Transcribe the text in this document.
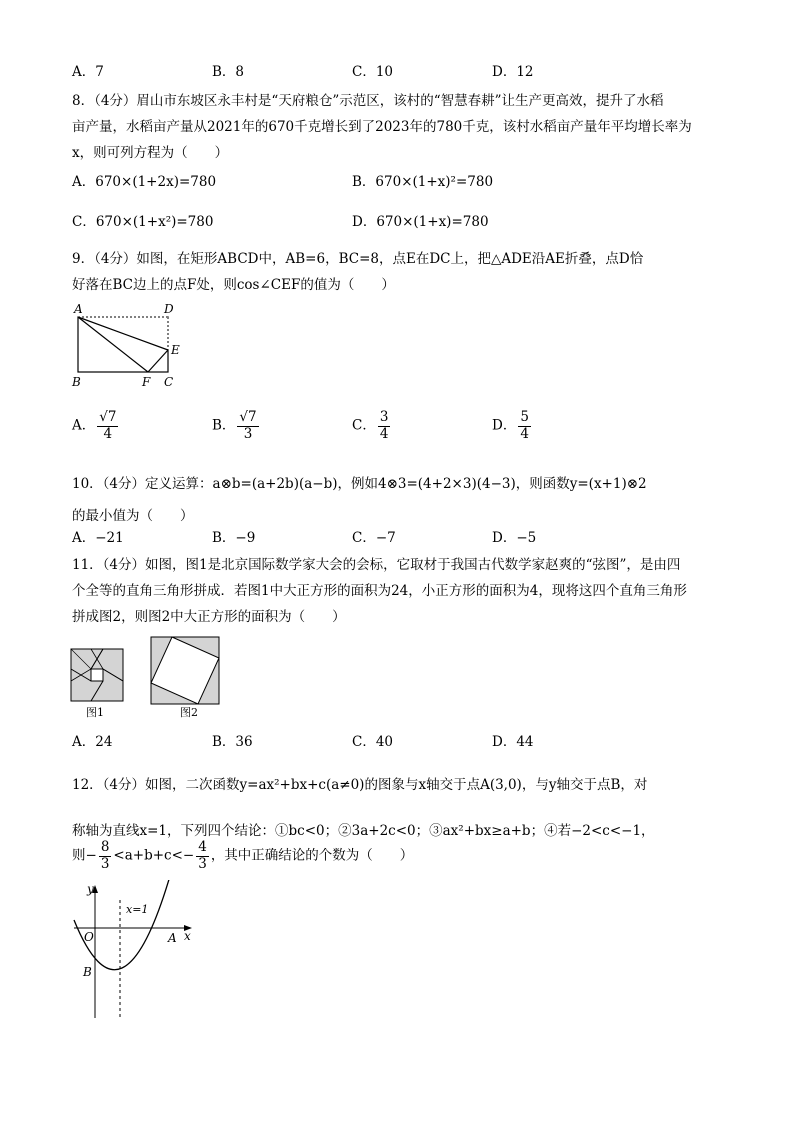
A．7	B．8	C．10	D．12
8．（4分）眉山市东坡区永丰村是“天府粮仓”示范区，该村的“智慧春耕”让生产更高效，提升了水稻
亩产量，水稻亩产量从2021年的670千克增长到了2023年的780千克，该村水稻亩产量年平均增长率为
x，则可列方程为（　　）
A．670×(1+2x)=780	B．670×(1+x)²=780
C．670×(1+x²)=780	D．670×(1+x)=780
9．（4分）如图，在矩形ABCD中，AB=6，BC=8，点E在DC上，把△ADE沿AE折叠，点D恰
好落在BC边上的点F处，则cos∠CEF的值为（　　）
A	D
E
B	F C
A． $\frac{√7}{4}$	B． $\frac{√7}{3}$	C． $\frac{3}{4}$	D． $\frac{5}{4}$
10．（4分）定义运算：a⊗b=(a+2b)(a−b)，例如4⊗3=(4+2×3)(4−3)，则函数y=(x+1)⊗2
的最小值为（　　）
A．−21	B．−9	C．−7	D．−5
11．（4分）如图，图1是北京国际数学家大会的会标，它取材于我国古代数学家赵爽的“弦图”，是由四
个全等的直角三角形拼成．若图1中大正方形的面积为24，小正方形的面积为4，现将这四个直角三角形
拼成图2，则图2中大正方形的面积为（　　）
图1	图2
A．24	B．36	C．40	D．44
12．（4分）如图，二次函数y=ax²+bx+c(a≠0)的图象与x轴交于点A(3,0)，与y轴交于点B，对
称轴为直线x=1，下列四个结论：①bc<0；②3a+2c<0；③ax²+bx≥a+b；④若−2<c<−1，
则− $\frac{8}{3} <a+b+c<- \frac{4}{3}$ ，其中正确结论的个数为（　　）
y
x
O	A
B
x=1
